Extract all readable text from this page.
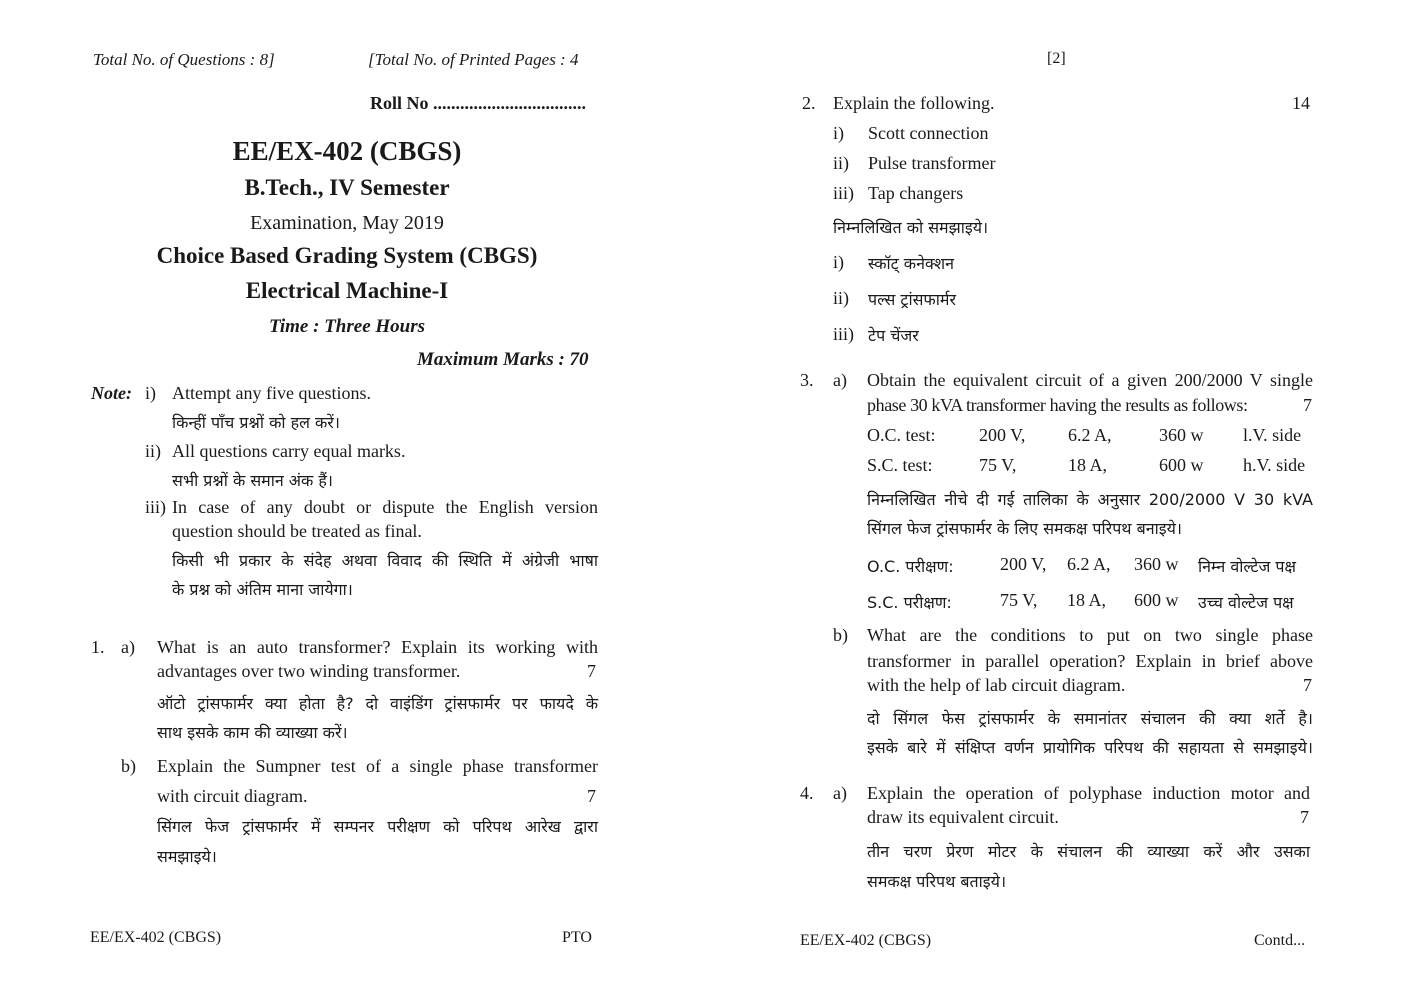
Total No. of Questions : 8]	[Total No. of Printed Pages : 4
Roll No ..................................
EE/EX-402 (CBGS)
B.Tech., IV Semester
Examination, May 2019
Choice Based Grading System (CBGS)
Electrical Machine-I
Time : Three Hours
Maximum Marks : 70
Note: i) Attempt any five questions.
किन्हीं पाँच प्रश्नों को हल करें।
ii) All questions carry equal marks.
सभी प्रश्नों के समान अंक हैं।
iii) In case of any doubt or dispute the English version
question should be treated as final.
किसी भी प्रकार के संदेह अथवा विवाद की स्थिति में अंग्रेजी भाषा
के प्रश्न को अंतिम माना जायेगा।
1. a) What is an auto transformer? Explain its working with
advantages over two winding transformer.	7
ऑटो ट्रांसफार्मर क्या होता है? दो वाइंडिंग ट्रांसफार्मर पर फायदे के
साथ इसके काम की व्याख्या करें।
b) Explain the Sumpner test of a single phase transformer
with circuit diagram.	7
सिंगल फेज ट्रांसफार्मर में सम्पनर परीक्षण को परिपथ आरेख द्वारा
समझाइये।
EE/EX-402 (CBGS)	PTO
[2]
2. Explain the following.	14
i) Scott connection
ii) Pulse transformer
iii) Tap changers
निम्नलिखित को समझाइये।
i) स्कॉट् कनेक्शन
ii) पल्स ट्रांसफार्मर
iii) टेप चेंजर
3. a) Obtain the equivalent circuit of a given 200/2000 V single
phase 30 kVA transformer having the results as follows:	7
O.C. test: 200 V, 6.2 A,	360 w l.V. side
S.C. test:	75 V,	18 A,	600 w h.V. side
निम्नलिखित नीचे दी गई तालिका के अनुसार 200/2000 V 30 kVA
सिंगल फेज ट्रांसफार्मर के लिए समकक्ष परिपथ बनाइये।
O.C. परीक्षण:	200 V, 6.2 A, 360 w निम्न वोल्टेज पक्ष
S.C. परीक्षण:	75 V, 18 A, 600 w उच्च वोल्टेज पक्ष
b) What are the conditions to put on two single phase
transformer in parallel operation? Explain in brief above
with the help of lab circuit diagram.	7
दो सिंगल फेस ट्रांसफार्मर के समानांतर संचालन की क्या शर्ते है।
इसके बारे में संक्षिप्त वर्णन प्रायोगिक परिपथ की सहायता से समझाइये।
4. a) Explain the operation of polyphase induction motor and
draw its equivalent circuit.	7
तीन चरण प्रेरण मोटर के संचालन की व्याख्या करें और उसका
समकक्ष परिपथ बताइये।
EE/EX-402 (CBGS)	Contd...
